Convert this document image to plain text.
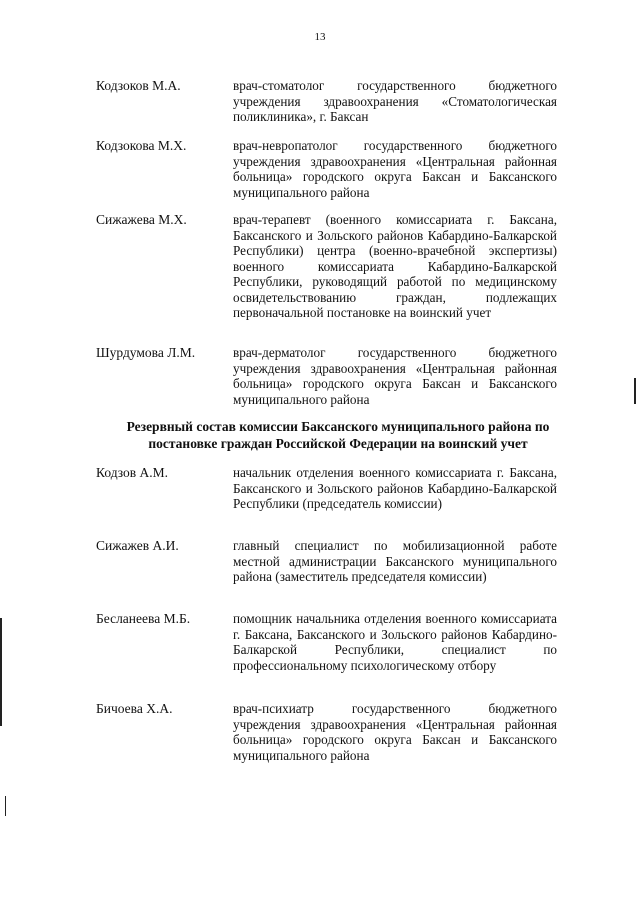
13
Кодзоков М.А.	врач-стоматолог государственного бюджетного учреждения здравоохранения «Стоматологическая поликлиника», г. Баксан

Кодзокова М.Х.	врач-невропатолог государственного бюджетного учреждения здравоохранения «Центральная районная больница» городского округа Баксан и Баксанского муниципального района

Сижажева М.Х.	врач-терапевт (военного комиссариата г. Баксана, Баксанского и Зольского районов Кабардино-Балкарской Республики) центра (военно-врачебной экспертизы) военного комиссариата Кабардино-Балкарской Республики, руководящий работой по медицинскому освидетельствованию граждан, подлежащих первоначальной постановке на воинский учет

Шурдумова Л.М.	врач-дерматолог государственного бюджетного учреждения здравоохранения «Центральная районная больница» городского округа Баксан и Баксанского муниципального района

Резервный состав комиссии Баксанского муниципального района по постановке граждан Российской Федерации на воинский учет
Кодзов А.М.	начальник отделения военного комиссариата г. Баксана, Баксанского и Зольского районов Кабардино-Балкарской Республики (председатель комиссии)

Сижажев А.И.	главный специалист по мобилизационной работе местной администрации Баксанского муниципального района (заместитель председателя комиссии)

Бесланеева М.Б.	помощник начальника отделения военного комиссариата г. Баксана, Баксанского и Зольского районов Кабардино-Балкарской Республики, специалист по профессиональному психологическому отбору

Бичоева Х.А.	врач-психиатр государственного бюджетного учреждения здравоохранения «Центральная районная больница» городского округа Баксан и Баксанского муниципального района
